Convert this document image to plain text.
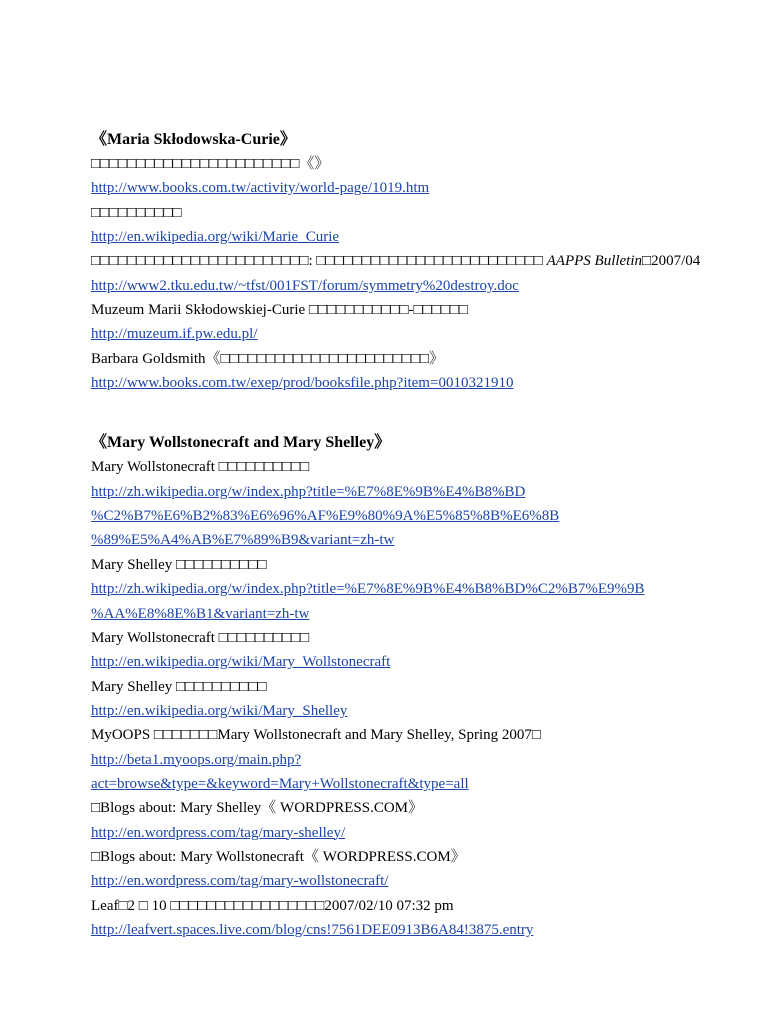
《Maria Skłodowska-Curie》
□□□□□□□□□□□□□□□□□□□□□□□《》
http://www.books.com.tw/activity/world-page/1019.htm
□□□□□□□□□□
http://en.wikipedia.org/wiki/Marie_Curie
□□□□□□□□□□□□□□□□□□□□□□□□: □□□□□□□□□□□□□□□□□□□□□□□□□ AAPPS Bulletin□2007/04
http://www2.tku.edu.tw/~tfst/001FST/forum/symmetry%20destroy.doc
Muzeum Marii Skłodowskiej-Curie □□□□□□□□□□□-□□□□□□
http://muzeum.if.pw.edu.pl/
Barbara Goldsmith《□□□□□□□□□□□□□□□□□□□□□□□》
http://www.books.com.tw/exep/prod/booksfile.php?item=0010321910
《Mary Wollstonecraft and Mary Shelley》
Mary Wollstonecraft □□□□□□□□□□
http://zh.wikipedia.org/w/index.php?title=%E7%8E%9B%E4%B8%BD
%C2%B7%E6%B2%83%E6%96%AF%E9%80%9A%E5%85%8B%E6%8B
%89%E5%A4%AB%E7%89%B9&variant=zh-tw
Mary Shelley □□□□□□□□□□
http://zh.wikipedia.org/w/index.php?title=%E7%8E%9B%E4%B8%BD%C2%B7%E9%9B
%AA%E8%8E%B1&variant=zh-tw
Mary Wollstonecraft □□□□□□□□□□
http://en.wikipedia.org/wiki/Mary_Wollstonecraft
Mary Shelley □□□□□□□□□□
http://en.wikipedia.org/wiki/Mary_Shelley
MyOOPS □□□□□□□Mary Wollstonecraft and Mary Shelley, Spring 2007□
http://beta1.myoops.org/main.php?
act=browse&type=&keyword=Mary+Wollstonecraft&type=all
□Blogs about: Mary Shelley《 WORDPRESS.COM》
http://en.wordpress.com/tag/mary-shelley/
□Blogs about: Mary Wollstonecraft《 WORDPRESS.COM》
http://en.wordpress.com/tag/mary-wollstonecraft/
Leaf□2 □ 10 □□□□□□□□□□□□□□□□□2007/02/10 07:32 pm
http://leafvert.spaces.live.com/blog/cns!7561DEE0913B6A84!3875.entry
